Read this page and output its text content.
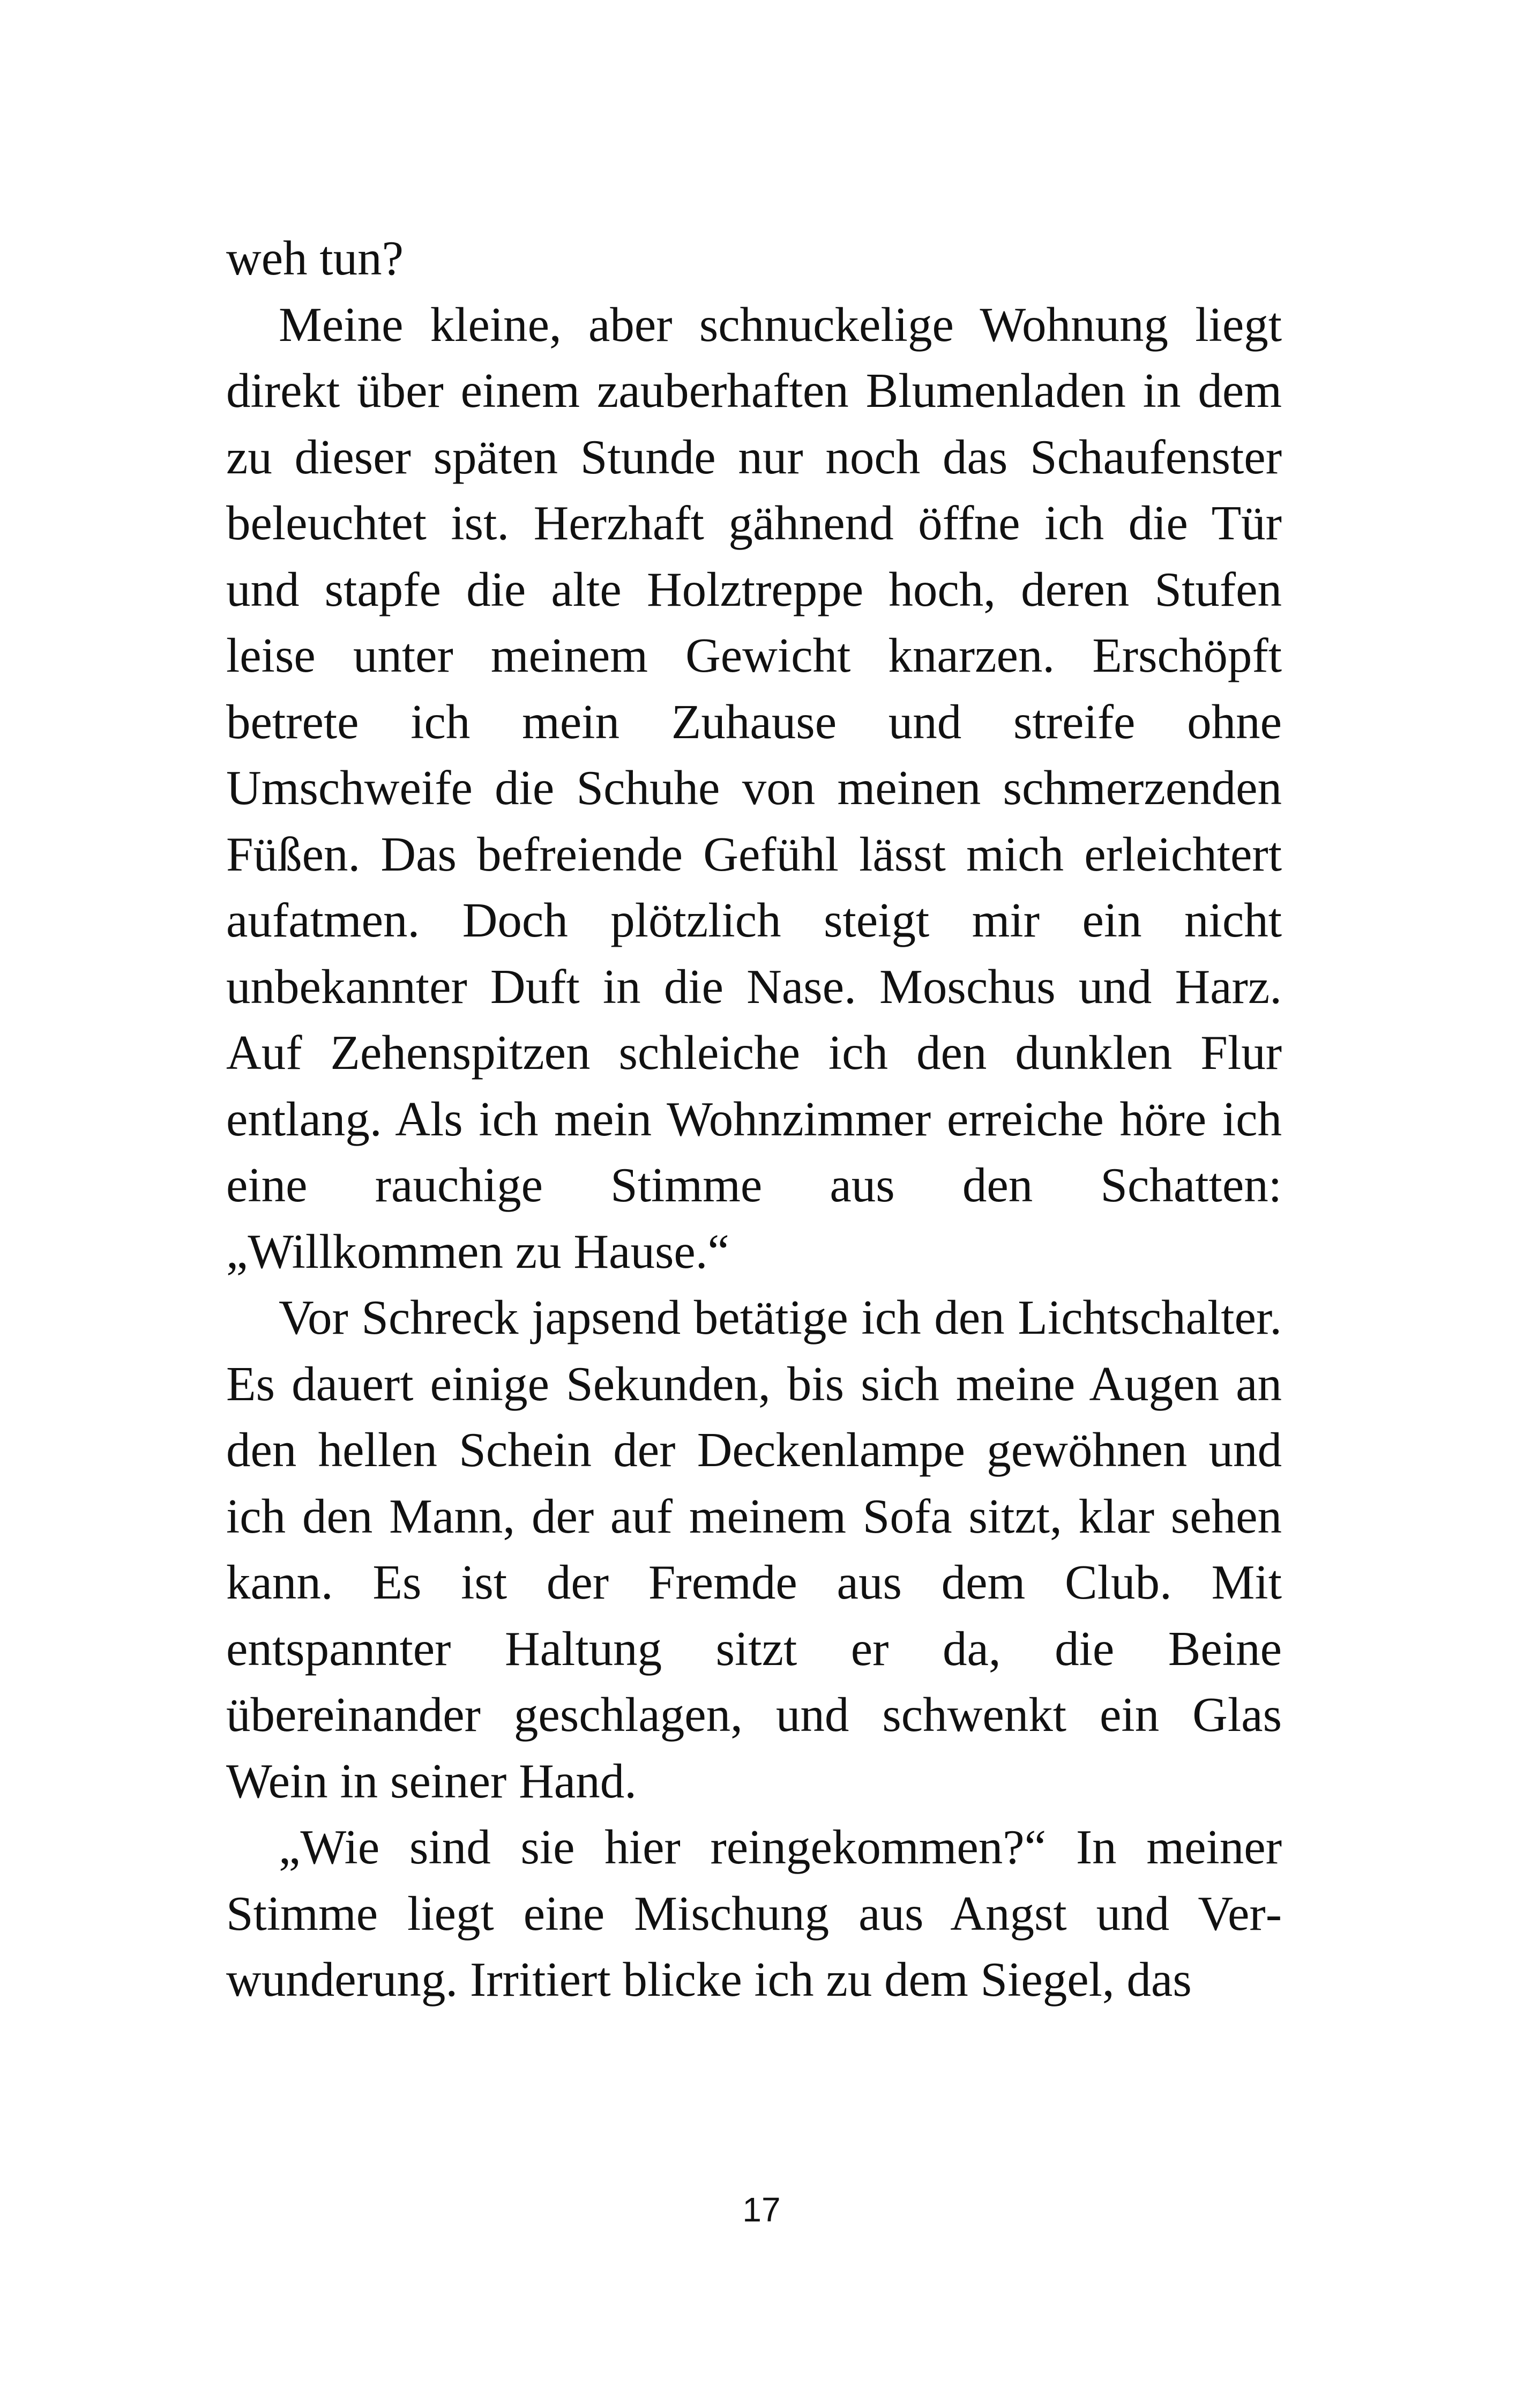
weh tun?

Meine kleine, aber schnuckelige Wohnung liegt direkt über einem zauberhaften Blumenladen in dem zu dieser späten Stunde nur noch das Schaufenster beleuchtet ist. Herzhaft gähnend öffne ich die Tür und stapfe die alte Holztreppe hoch, deren Stufen leise unter meinem Gewicht knarzen. Erschöpft betrete ich mein Zuhause und streife ohne Umschweife die Schuhe von meinen schmerzenden Füßen. Das befreiende Gefühl lässt mich erleichtert aufatmen. Doch plötzlich steigt mir ein nicht unbekannter Duft in die Nase. Moschus und Harz. Auf Zehenspitzen schleiche ich den dunklen Flur entlang. Als ich mein Wohnzimmer erreiche höre ich eine rauchige Stimme aus den Schatten: „Willkommen zu Hause.“

Vor Schreck japsend betätige ich den Lichtschalter. Es dauert einige Sekunden, bis sich meine Augen an den hellen Schein der Deckenlampe gewöhnen und ich den Mann, der auf meinem Sofa sitzt, klar sehen kann. Es ist der Fremde aus dem Club. Mit entspannter Haltung sitzt er da, die Beine übereinander geschlagen, und schwenkt ein Glas Wein in seiner Hand.

„Wie sind sie hier reingekommen?“ In meiner Stimme liegt eine Mischung aus Angst und Verwunderung. Irritiert blicke ich zu dem Siegel, das

17
